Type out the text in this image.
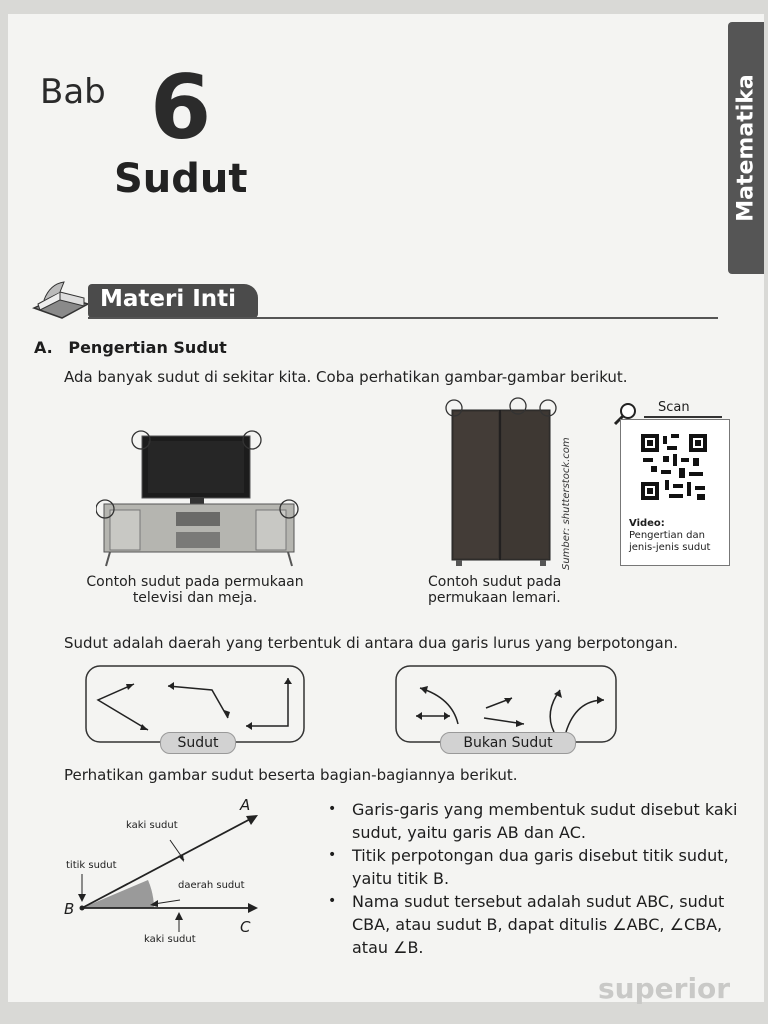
Bab 6
Sudut	Matematika
Materi Inti
A. Pengertian Sudut
Ada banyak sudut di sekitar kita. Coba perhatikan gambar-gambar berikut.
Contoh sudut pada permukaan televisi dan meja.
Sumber: shutterstock.com
Contoh sudut pada permukaan lemari.
Scan
Video:
Pengertian dan jenis-jenis sudut
Sudut adalah daerah yang terbentuk di antara dua garis lurus yang berpotongan.
Sudut	Bukan Sudut
Perhatikan gambar sudut beserta bagian-bagiannya berikut.
A
B
C
kaki sudut
titik sudut
daerah sudut
kaki sudut
• Garis-garis yang membentuk sudut disebut kaki sudut, yaitu garis AB dan AC.
• Titik perpotongan dua garis disebut titik sudut, yaitu titik B.
• Nama sudut tersebut adalah sudut ABC, sudut CBA, atau sudut B, dapat ditulis ∠ABC, ∠CBA, atau ∠B.
superior
